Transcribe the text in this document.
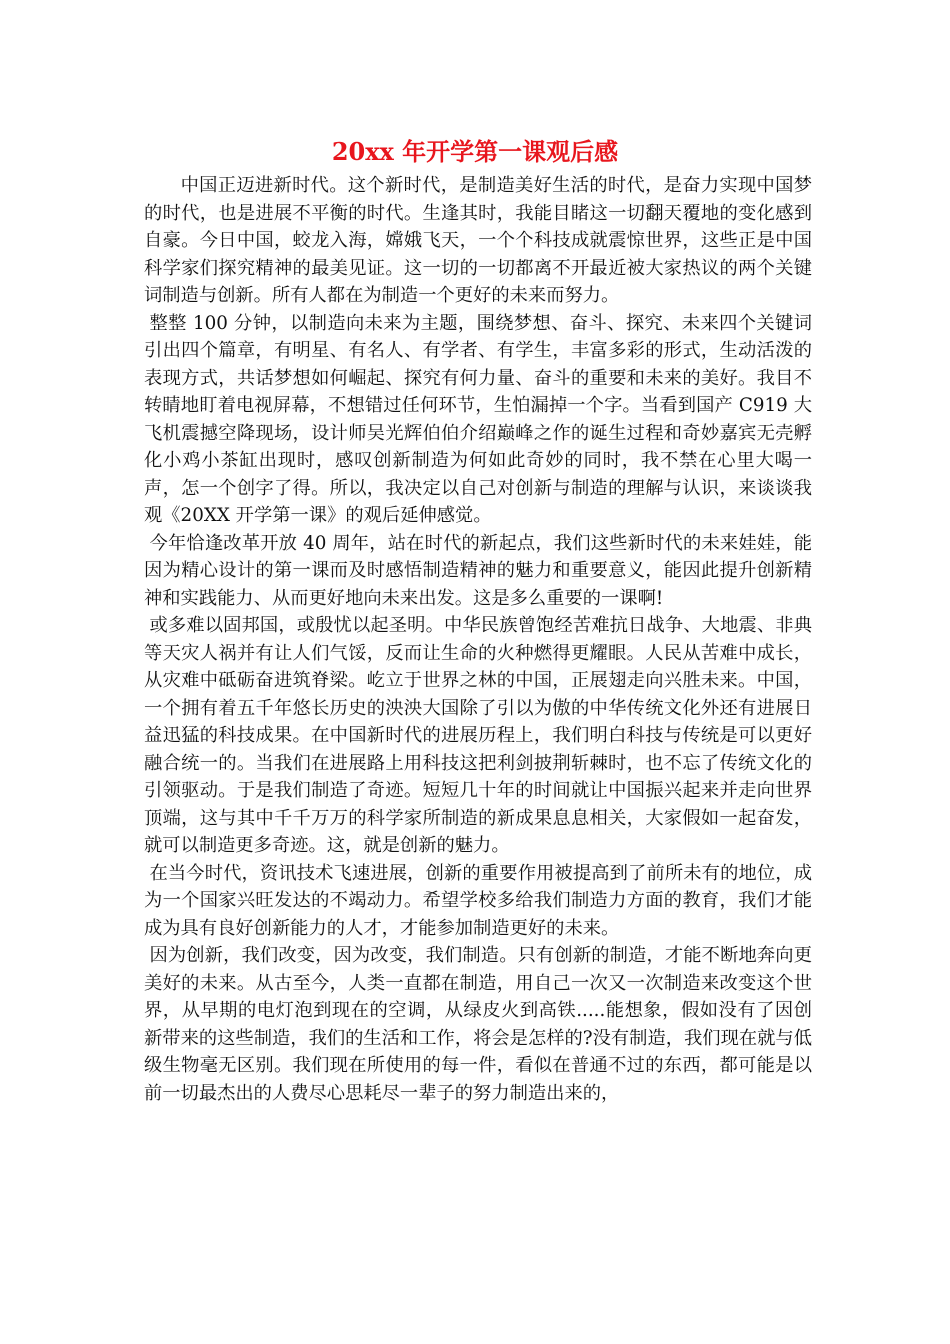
20xx 年开学第一课观后感

中国正迈进新时代。这个新时代，是制造美好生活的时代，是奋力实现中国梦的时代，也是进展不平衡的时代。生逢其时，我能目睹这一切翻天覆地的变化感到自豪。今日中国，蛟龙入海，嫦娥飞天，一个个科技成就震惊世界，这些正是中国科学家们探究精神的最美见证。这一切的一切都离不开最近被大家热议的两个关键词制造与创新。所有人都在为制造一个更好的未来而努力。

整整 100 分钟，以制造向未来为主题，围绕梦想、奋斗、探究、未来四个关键词引出四个篇章，有明星、有名人、有学者、有学生，丰富多彩的形式，生动活泼的表现方式，共话梦想如何崛起、探究有何力量、奋斗的重要和未来的美好。我目不转睛地盯着电视屏幕，不想错过任何环节，生怕漏掉一个字。当看到国产 C919 大飞机震撼空降现场，设计师吴光辉伯伯介绍巅峰之作的诞生过程和奇妙嘉宾无壳孵化小鸡小茶缸出现时，感叹创新制造为何如此奇妙的同时，我不禁在心里大喝一声，怎一个创字了得。所以，我决定以自己对创新与制造的理解与认识，来谈谈我观《20XX 开学第一课》的观后延伸感觉。

今年恰逢改革开放 40 周年，站在时代的新起点，我们这些新时代的未来娃娃，能因为精心设计的第一课而及时感悟制造精神的魅力和重要意义，能因此提升创新精神和实践能力、从而更好地向未来出发。这是多么重要的一课啊!

或多难以固邦国，或殷忧以起圣明。中华民族曾饱经苦难抗日战争、大地震、非典等天灾人祸并有让人们气馁，反而让生命的火种燃得更耀眼。人民从苦难中成长，从灾难中砥砺奋进筑脊梁。屹立于世界之林的中国，正展翅走向兴胜未来。中国，一个拥有着五千年悠长历史的泱泱大国除了引以为傲的中华传统文化外还有进展日益迅猛的科技成果。在中国新时代的进展历程上，我们明白科技与传统是可以更好融合统一的。当我们在进展路上用科技这把利剑披荆斩棘时，也不忘了传统文化的引领驱动。于是我们制造了奇迹。短短几十年的时间就让中国振兴起来并走向世界顶端，这与其中千千万万的科学家所制造的新成果息息相关，大家假如一起奋发，就可以制造更多奇迹。这，就是创新的魅力。

在当今时代，资讯技术飞速进展，创新的重要作用被提高到了前所未有的地位，成为一个国家兴旺发达的不竭动力。希望学校多给我们制造力方面的教育，我们才能成为具有良好创新能力的人才，才能参加制造更好的未来。

因为创新，我们改变，因为改变，我们制造。只有创新的制造，才能不断地奔向更美好的未来。从古至今，人类一直都在制造，用自己一次又一次制造来改变这个世界，从早期的电灯泡到现在的空调，从绿皮火到高铁.....能想象，假如没有了因创新带来的这些制造，我们的生活和工作，将会是怎样的?没有制造，我们现在就与低级生物毫无区别。我们现在所使用的每一件，看似在普通不过的东西，都可能是以前一切最杰出的人费尽心思耗尽一辈子的努力制造出来的，
